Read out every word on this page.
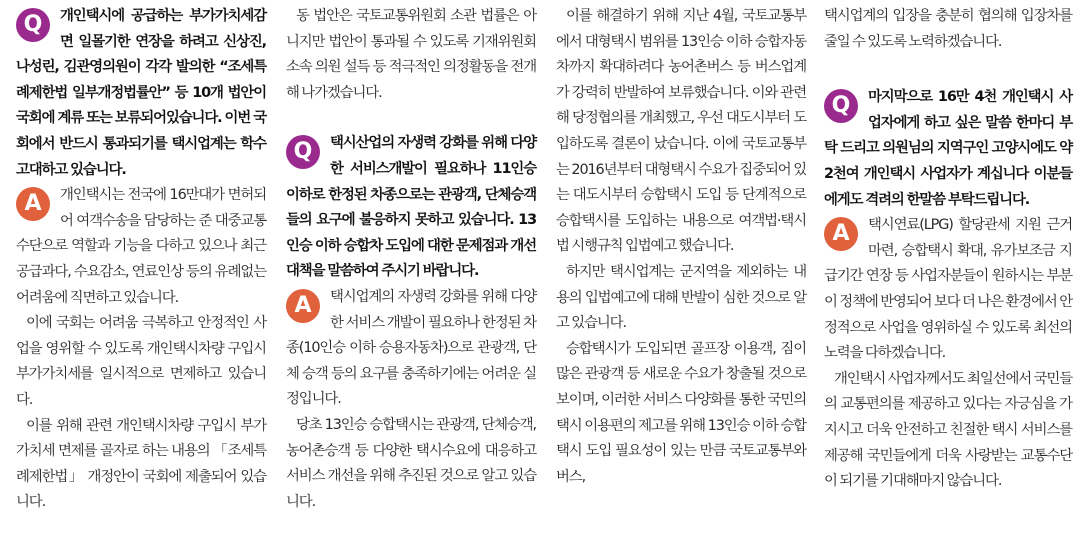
Q	개인택시에 공급하는 부가가치세감면 일몰기한 연장을 하려고 신상진, 나성린, 김관영의원이 각각 발의한 “조세특례제한법 일부개정법률안” 등 10개 법안이 국회에 계류 또는 보류되어있습니다. 이번 국회에서 반드시 통과되기를 택시업계는 학수고대하고 있습니다.

A	개인택시는 전국에 16만대가 면허되어 여객수송을 담당하는 준 대중교통수단으로 역할과 기능을 다하고 있으나 최근 공급과다, 수요감소, 연료인상 등의 유례없는 어려움에 직면하고 있습니다.

이에 국회는 어려움 극복하고 안정적인 사업을 영위할 수 있도록 개인택시차량 구입시 부가가치세를 일시적으로 면제하고 있습니다.

이를 위해 관련 개인택시차량 구입시 부가가치세 면제를 골자로 하는 내용의 「조세특례제한법」 개정안이 국회에 제출되어 있습니다.

동 법안은 국토교통위원회 소관 법률은 아니지만 법안이 통과될 수 있도록 기재위원회 소속 의원 설득 등 적극적인 의정활동을 전개해 나가겠습니다.

Q	택시산업의 자생력 강화를 위해 다양한 서비스개발이 필요하나 11인승 이하로 한정된 차종으로는 관광객, 단체승객들의 요구에 불응하지 못하고 있습니다. 13인승 이하 승합차 도입에 대한 문제점과 개선대책을 말씀하여 주시기 바랍니다.

A	택시업계의 자생력 강화를 위해 다양한 서비스 개발이 필요하나 한정된 차종(10인승 이하 승용자동차)으로 관광객, 단체 승객 등의 요구를 충족하기에는 어려운 실정입니다.

당초 13인승 승합택시는 관광객, 단체승객, 농어촌승객 등 다양한 택시수요에 대응하고 서비스 개선을 위해 추진된 것으로 알고 있습니다.

이를 해결하기 위해 지난 4월, 국토교통부에서 대형택시 범위를 13인승 이하 승합자동차까지 확대하려다 농어촌버스 등 버스업계가 강력히 반발하여 보류했습니다. 이와 관련해 당정협의를 개최했고, 우선 대도시부터 도입하도록 결론이 났습니다. 이에 국토교통부는 2016년부터 대형택시 수요가 집중되어 있는 대도시부터 승합택시 도입 등 단계적으로 승합택시를 도입하는 내용으로 여객법·택시법 시행규칙 입법예고 했습니다.

하지만 택시업계는 군지역을 제외하는 내용의 입법예고에 대해 반발이 심한 것으로 알고 있습니다.

승합택시가 도입되면 골프장 이용객, 짐이 많은 관광객 등 새로운 수요가 창출될 것으로 보이며, 이러한 서비스 다양화를 통한 국민의 택시 이용편의 제고를 위해 13인승 이하 승합택시 도입 필요성이 있는 만큼 국토교통부와 버스,

택시업계의 입장을 충분히 협의해 입장차를 줄일 수 있도록 노력하겠습니다.

Q	마지막으로 16만 4천 개인택시 사업자에게 하고 싶은 말씀 한마디 부탁 드리고 의원님의 지역구인 고양시에도 약 2천여 개인택시 사업자가 계십니다 이분들에게도 격려의 한말씀 부탁드립니다.

A	택시연료(LPG) 할당관세 지원 근거마련, 승합택시 확대, 유가보조금 지급기간 연장 등 사업자분들이 원하시는 부분이 정책에 반영되어 보다 더 나은 환경에서 안정적으로 사업을 영위하실 수 있도록 최선의 노력을 다하겠습니다.

개인택시 사업자께서도 최일선에서 국민들의 교통편의를 제공하고 있다는 자긍심을 가지시고 더욱 안전하고 친절한 택시 서비스를 제공해 국민들에게 더욱 사랑받는 교통수단이 되기를 기대해마지 않습니다.
